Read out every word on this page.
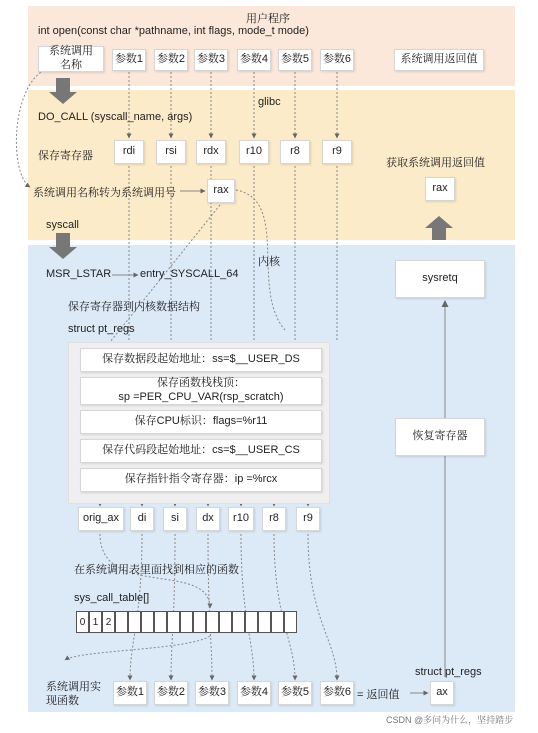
用户程序
int open(const char *pathname, int flags, mode_t mode)
系统调用名称	参数1 参数2 参数3 参数4 参数5 参数6	系统调用返回值
glibc
DO_CALL (syscall_name, args)
保存寄存器	rdi	rsi	rdx	r10	r8	r9
获取系统调用返回值
系统调用名称转为系统调用号	rax	rax
syscall
内核
MSR_LSTAR	entry_SYSCALL_64
保存寄存器到内核数据结构
struct pt_regs
保存数据段起始地址：ss=$__USER_DS
保存函数栈栈顶：
sp =PER_CPU_VAR(rsp_scratch)
保存CPU标识：flags=%r11
保存代码段起始地址：cs=$__USER_CS
保存指针指令寄存器：ip =%rcx
orig_ax	di	si	dx	r10	r8	r9
在系统调用表里面找到相应的函数
sys_call_table[]
0 1 2
sysretq
恢复寄存器
struct pt_regs
系统调用实现函数
参数1 参数2 参数3 参数4 参数5 参数6 = 返回值	ax
CSDN @多问为什么，坚持踏步
